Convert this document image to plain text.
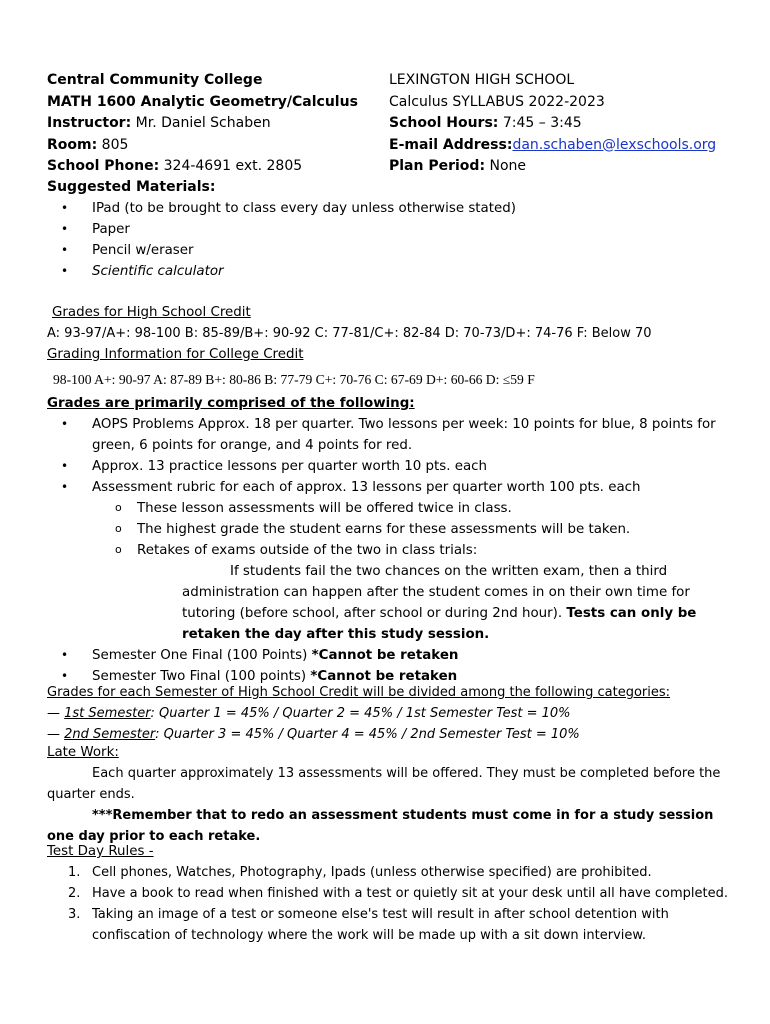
Central Community College
MATH 1600 Analytic Geometry/Calculus
Instructor: Mr. Daniel Schaben
Room: 805
School Phone: 324-4691 ext. 2805
LEXINGTON HIGH SCHOOL
Calculus SYLLABUS 2022-2023
School Hours: 7:45 – 3:45
E-mail Address:dan.schaben@lexschools.org
Plan Period: None
Suggested Materials:
• IPad (to be brought to class every day unless otherwise stated)
• Paper
• Pencil w/eraser
• Scientific calculator
Grades for High School Credit
A: 93-97/A+: 98-100 B: 85-89/B+: 90-92 C: 77-81/C+: 82-84 D: 70-73/D+: 74-76 F: Below 70
Grading Information for College Credit
98-100 A+: 90-97 A: 87-89 B+: 80-86 B: 77-79 C+: 70-76 C: 67-69 D+: 60-66 D: ≤59 F
Grades are primarily comprised of the following:
• AOPS Problems Approx. 18 per quarter. Two lessons per week: 10 points for blue, 8 points for green, 6 points for orange, and 4 points for red.
• Approx. 13 practice lessons per quarter worth 10 pts. each
• Assessment rubric for each of approx. 13 lessons per quarter worth 100 pts. each
o These lesson assessments will be offered twice in class.
o The highest grade the student earns for these assessments will be taken.
o Retakes of exams outside of the two in class trials:
If students fail the two chances on the written exam, then a third administration can happen after the student comes in on their own time for tutoring (before school, after school or during 2nd hour). Tests can only be retaken the day after this study session.
• Semester One Final (100 Points) *Cannot be retaken
• Semester Two Final (100 points) *Cannot be retaken
Grades for each Semester of High School Credit will be divided among the following categories:
— 1st Semester: Quarter 1 = 45% / Quarter 2 = 45% / 1st Semester Test = 10%
— 2nd Semester: Quarter 3 = 45% / Quarter 4 = 45% / 2nd Semester Test = 10%
Late Work:
Each quarter approximately 13 assessments will be offered. They must be completed before the quarter ends.
***Remember that to redo an assessment students must come in for a study session one day prior to each retake.
Test Day Rules -
1. Cell phones, Watches, Photography, Ipads (unless otherwise specified) are prohibited.
2. Have a book to read when finished with a test or quietly sit at your desk until all have completed.
3. Taking an image of a test or someone else's test will result in after school detention with confiscation of technology where the work will be made up with a sit down interview.
